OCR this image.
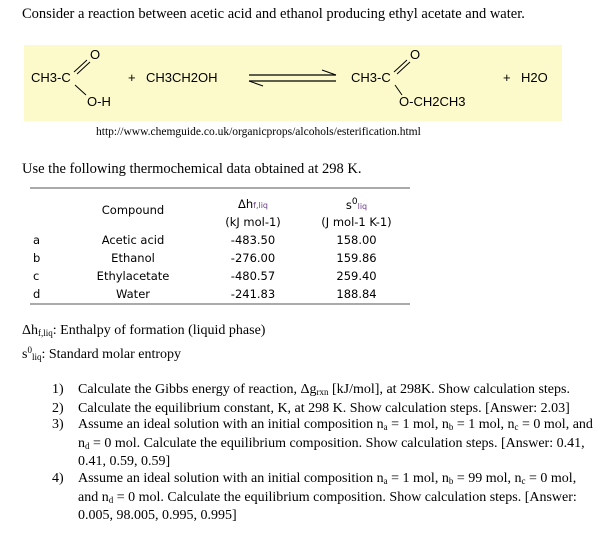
Consider a reaction between acetic acid and ethanol producing ethyl acetate and water.
CH3-C
O
O-H
+ CH3CH2OH	CH3-C
O
O-CH2CH3
+ H2O
http://www.chemguide.co.uk/organicprops/alcohols/esterification.html
Use the following thermochemical data obtained at 298 K.
	Compound	Δhf,liq	$s^0liq$
		(kJ mol-1)	(J mol-1 K-1)
a	Acetic acid	-483.50	158.00
b	Ethanol	-276.00	159.86
c	Ethylacetate	-480.57	259.40
d	Water	-241.83	188.84
$\Delta h_{f,liq}$: Enthalpy of formation (liquid phase)
$s^0_{liq}$: Standard molar entropy
1)	Calculate the Gibbs energy of reaction, $\Delta g_{rxn}$ [kJ/mol], at 298K. Show calculation steps.
2)	Calculate the equilibrium constant, K, at 298 K. Show calculation steps. [Answer: 2.03]
3)	Assume an ideal solution with an initial composition $n_a = 1$ mol, $n_b = 1$ mol, $n_c = 0$ mol, and $n_d = 0$ mol. Calculate the equilibrium composition. Show calculation steps. [Answer: 0.41, 0.41, 0.59, 0.59]
4)	Assume an ideal solution with an initial composition $n_a = 1$ mol, $n_b = 99$ mol, $n_c = 0$ mol, and $n_d = 0$ mol. Calculate the equilibrium composition. Show calculation steps. [Answer: 0.005, 98.005, 0.995, 0.995]
